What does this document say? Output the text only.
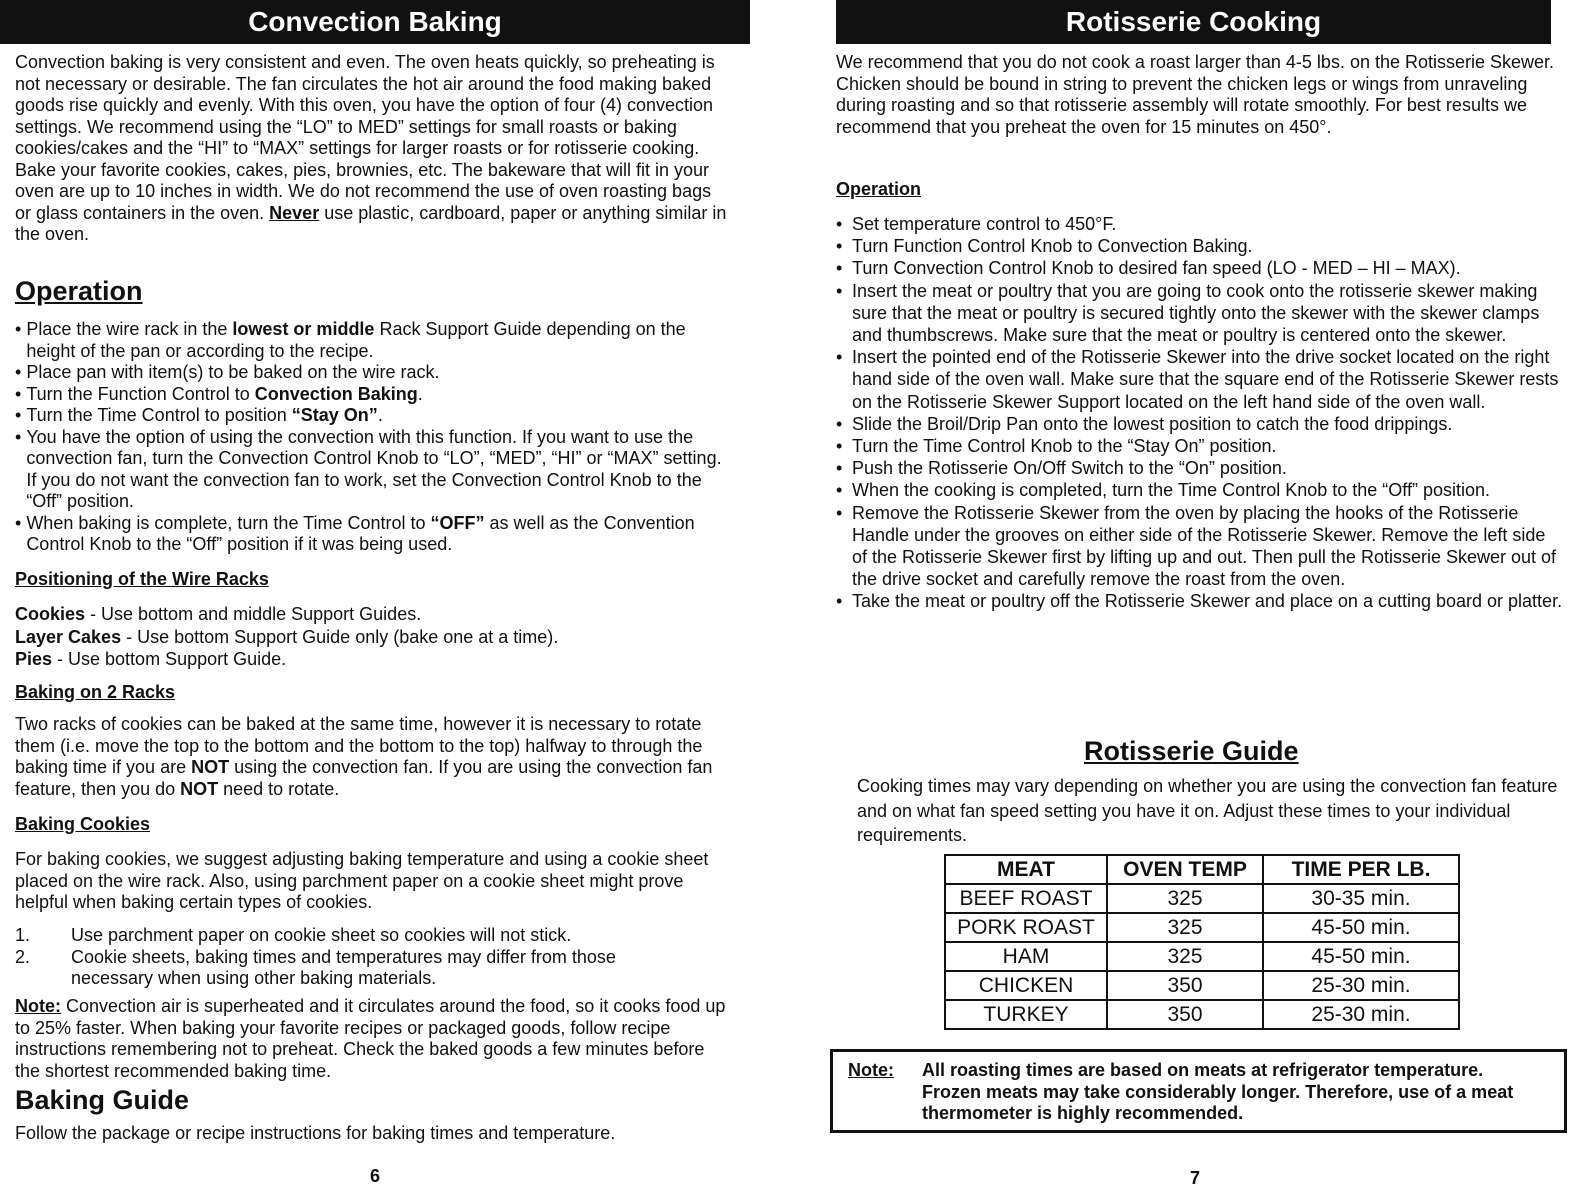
Convection Baking
Convection baking is very consistent and even. The oven heats quickly, so preheating is not necessary or desirable. The fan circulates the hot air around the food making baked goods rise quickly and evenly. With this oven, you have the option of four (4) convection settings. We recommend using the “LO” to MED” settings for small roasts or baking cookies/cakes and the “HI” to “MAX” settings for larger roasts or for rotisserie cooking.
Bake your favorite cookies, cakes, pies, brownies, etc. The bakeware that will fit in your oven are up to 10 inches in width. We do not recommend the use of oven roasting bags or glass containers in the oven. Never use plastic, cardboard, paper or anything similar in the oven.
Operation
• Place the wire rack in the lowest or middle Rack Support Guide depending on the height of the pan or according to the recipe.
• Place pan with item(s) to be baked on the wire rack.
• Turn the Function Control to Convection Baking.
• Turn the Time Control to position “Stay On”.
• You have the option of using the convection with this function. If you want to use the convection fan, turn the Convection Control Knob to “LO”, “MED”, “HI” or “MAX” setting. If you do not want the convection fan to work, set the Convection Control Knob to the “Off” position.
• When baking is complete, turn the Time Control to “OFF” as well as the Convention Control Knob to the “Off” position if it was being used.
Positioning of the Wire Racks
Cookies - Use bottom and middle Support Guides.
Layer Cakes - Use bottom Support Guide only (bake one at a time).
Pies - Use bottom Support Guide.
Baking on 2 Racks
Two racks of cookies can be baked at the same time, however it is necessary to rotate them (i.e. move the top to the bottom and the bottom to the top) halfway to through the baking time if you are NOT using the convection fan. If you are using the convection fan feature, then you do NOT need to rotate.
Baking Cookies
For baking cookies, we suggest adjusting baking temperature and using a cookie sheet placed on the wire rack. Also, using parchment paper on a cookie sheet might prove helpful when baking certain types of cookies.
1.	Use parchment paper on cookie sheet so cookies will not stick.
2.	Cookie sheets, baking times and temperatures may differ from those necessary when using other baking materials.
Note: Convection air is superheated and it circulates around the food, so it cooks food up to 25% faster. When baking your favorite recipes or packaged goods, follow recipe instructions remembering not to preheat. Check the baked goods a few minutes before the shortest recommended baking time.
Baking Guide
Follow the package or recipe instructions for baking times and temperature.
6
Rotisserie Cooking
We recommend that you do not cook a roast larger than 4-5 lbs. on the Rotisserie Skewer. Chicken should be bound in string to prevent the chicken legs or wings from unraveling during roasting and so that rotisserie assembly will rotate smoothly. For best results we recommend that you preheat the oven for 15 minutes on 450°.
Operation
• Set temperature control to 450°F.
• Turn Function Control Knob to Convection Baking.
• Turn Convection Control Knob to desired fan speed (LO - MED – HI – MAX).
• Insert the meat or poultry that you are going to cook onto the rotisserie skewer making sure that the meat or poultry is secured tightly onto the skewer with the skewer clamps and thumbscrews. Make sure that the meat or poultry is centered onto the skewer.
• Insert the pointed end of the Rotisserie Skewer into the drive socket located on the right hand side of the oven wall. Make sure that the square end of the Rotisserie Skewer rests on the Rotisserie Skewer Support located on the left hand side of the oven wall.
• Slide the Broil/Drip Pan onto the lowest position to catch the food drippings.
• Turn the Time Control Knob to the “Stay On” position.
• Push the Rotisserie On/Off Switch to the “On” position.
• When the cooking is completed, turn the Time Control Knob to the “Off” position.
• Remove the Rotisserie Skewer from the oven by placing the hooks of the Rotisserie Handle under the grooves on either side of the Rotisserie Skewer. Remove the left side of the Rotisserie Skewer first by lifting up and out. Then pull the Rotisserie Skewer out of the drive socket and carefully remove the roast from the oven.
• Take the meat or poultry off the Rotisserie Skewer and place on a cutting board or platter.
Rotisserie Guide
Cooking times may vary depending on whether you are using the convection fan feature and on what fan speed setting you have it on. Adjust these times to your individual requirements.
MEAT	OVEN TEMP	TIME PER LB.
BEEF ROAST	325	30-35 min.
PORK ROAST	325	45-50 min.
HAM	325	45-50 min.
CHICKEN	350	25-30 min.
TURKEY	350	25-30 min.
Note: All roasting times are based on meats at refrigerator temperature. Frozen meats may take considerably longer. Therefore, use of a meat thermometer is highly recommended.
7
